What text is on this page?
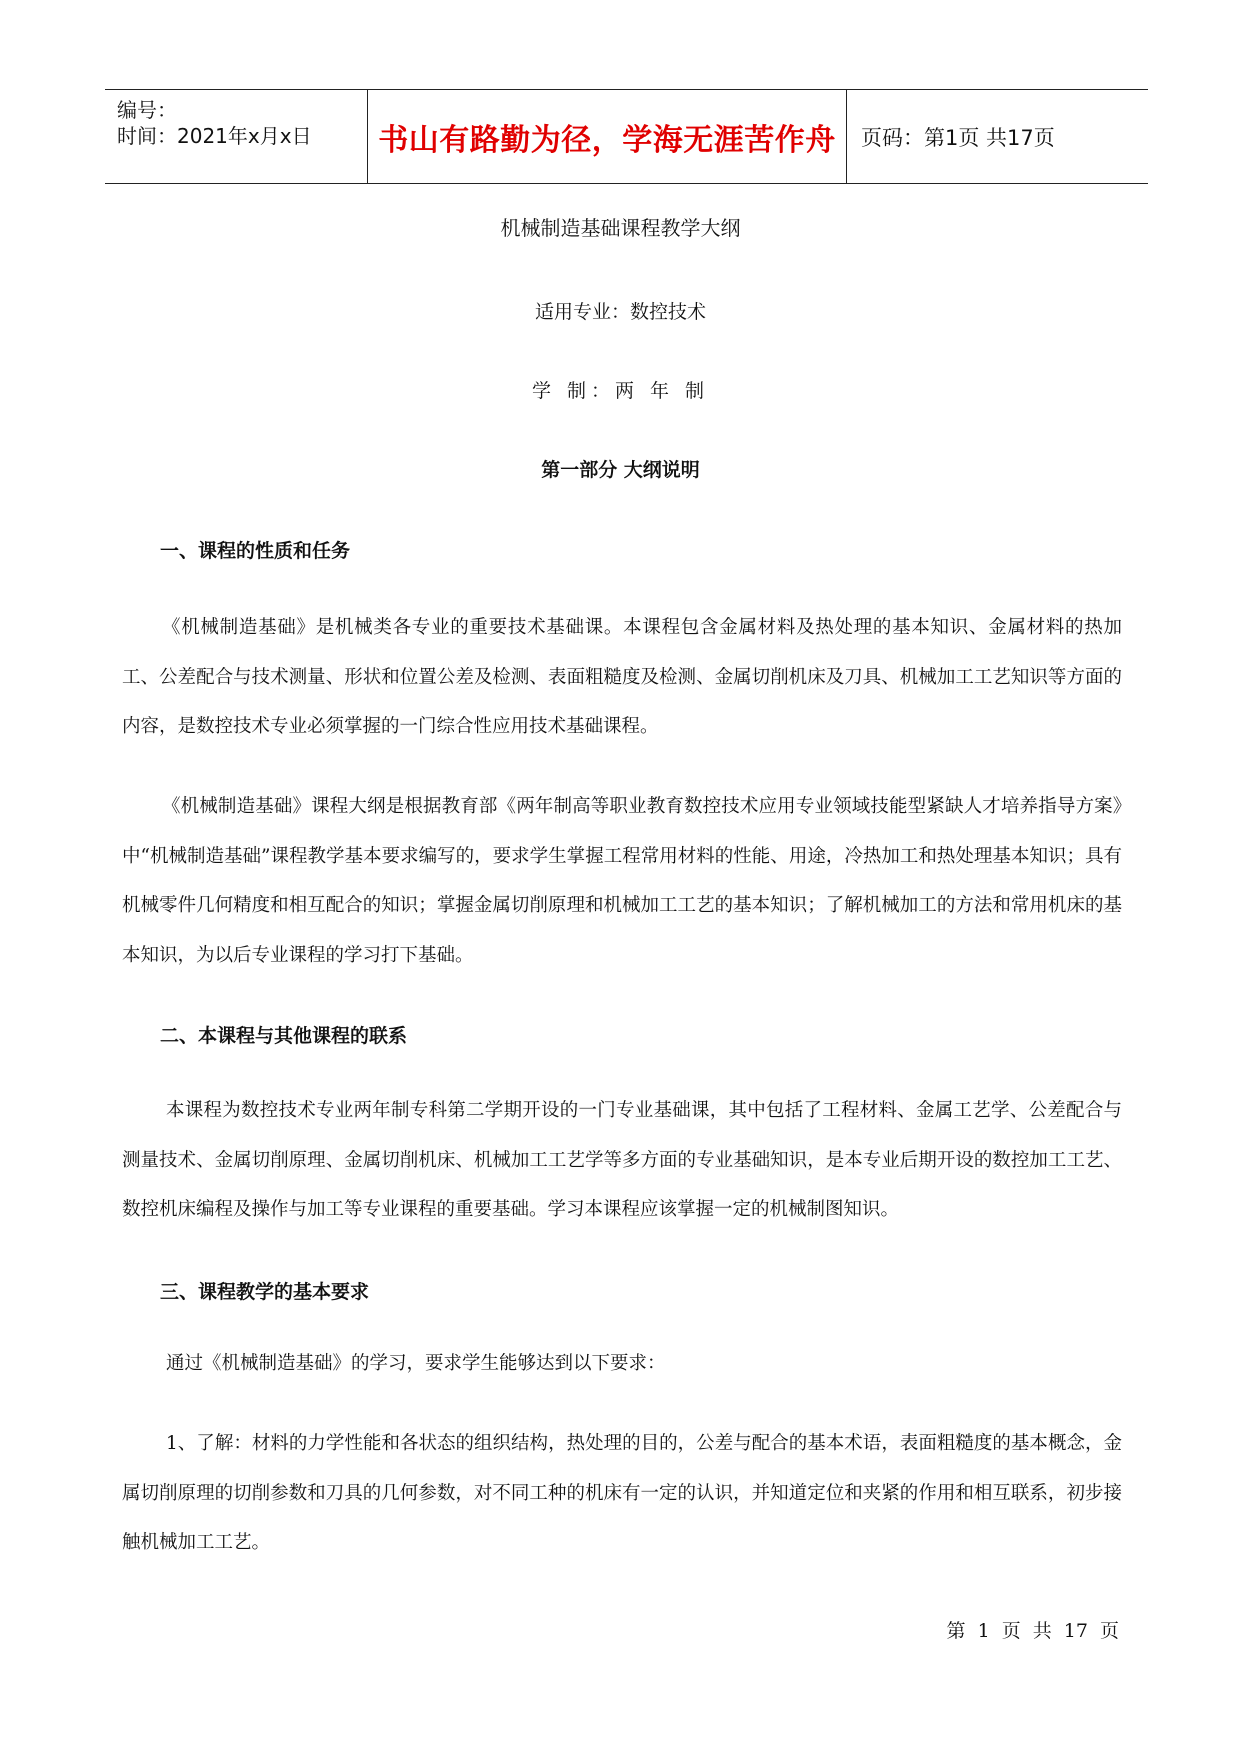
编号：
时间：2021年x月x日 书山有路勤为径，学海无涯苦作舟 页码：第1页 共17页
机械制造基础课程教学大纲
适用专业：数控技术
学 制：两 年 制
第一部分 大纲说明
一、课程的性质和任务
《机械制造基础》是机械类各专业的重要技术基础课。本课程包含金属材料及热处理的基本知识、金属材料的热加工、公差配合与技术测量、形状和位置公差及检测、表面粗糙度及检测、金属切削机床及刀具、机械加工工艺知识等方面的内容，是数控技术专业必须掌握的一门综合性应用技术基础课程。
《机械制造基础》课程大纲是根据教育部《两年制高等职业教育数控技术应用专业领域技能型紧缺人才培养指导方案》中“机械制造基础”课程教学基本要求编写的，要求学生掌握工程常用材料的性能、用途，冷热加工和热处理基本知识；具有机械零件几何精度和相互配合的知识；掌握金属切削原理和机械加工工艺的基本知识；了解机械加工的方法和常用机床的基本知识，为以后专业课程的学习打下基础。
二、本课程与其他课程的联系
本课程为数控技术专业两年制专科第二学期开设的一门专业基础课，其中包括了工程材料、金属工艺学、公差配合与测量技术、金属切削原理、金属切削机床、机械加工工艺学等多方面的专业基础知识，是本专业后期开设的数控加工工艺、数控机床编程及操作与加工等专业课程的重要基础。学习本课程应该掌握一定的机械制图知识。
三、课程教学的基本要求
通过《机械制造基础》的学习，要求学生能够达到以下要求：
1、了解：材料的力学性能和各状态的组织结构，热处理的目的，公差与配合的基本术语，表面粗糙度的基本概念，金属切削原理的切削参数和刀具的几何参数，对不同工种的机床有一定的认识，并知道定位和夹紧的作用和相互联系，初步接触机械加工工艺。
第 1 页 共 17 页
